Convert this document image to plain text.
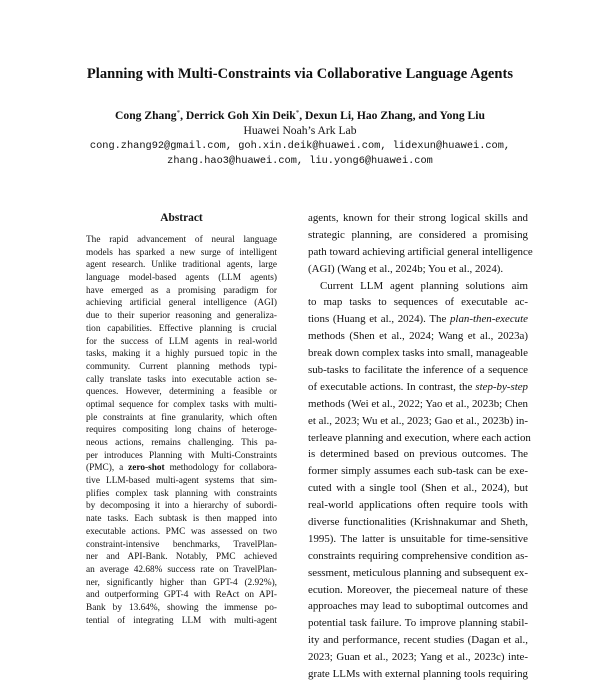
Planning with Multi-Constraints via Collaborative Language Agents
Cong Zhang*, Derrick Goh Xin Deik*, Dexun Li, Hao Zhang, and Yong Liu
Huawei Noah’s Ark Lab
cong.zhang92@gmail.com, goh.xin.deik@huawei.com, lidexun@huawei.com,
zhang.hao3@huawei.com, liu.yong6@huawei.com
Abstract
The rapid advancement of neural language
models has sparked a new surge of intelligent
agent research. Unlike traditional agents, large
language model-based agents (LLM agents)
have emerged as a promising paradigm for
achieving artificial general intelligence (AGI)
due to their superior reasoning and generaliza-
tion capabilities. Effective planning is crucial
for the success of LLM agents in real-world
tasks, making it a highly pursued topic in the
community. Current planning methods typi-
cally translate tasks into executable action se-
quences. However, determining a feasible or
optimal sequence for complex tasks with multi-
ple constraints at fine granularity, which often
requires compositing long chains of heteroge-
neous actions, remains challenging. This pa-
per introduces Planning with Multi-Constraints
(PMC), a zero-shot methodology for collabora-
tive LLM-based multi-agent systems that sim-
plifies complex task planning with constraints
by decomposing it into a hierarchy of subordi-
nate tasks. Each subtask is then mapped into
executable actions. PMC was assessed on two
constraint-intensive benchmarks, TravelPlan-
ner and API-Bank. Notably, PMC achieved
an average 42.68% success rate on TravelPlan-
ner, significantly higher than GPT-4 (2.92%),
and outperforming GPT-4 with ReAct on API-
Bank by 13.64%, showing the immense po-
tential of integrating LLM with multi-agent
agents, known for their strong logical skills and
strategic planning, are considered a promising
path toward achieving artificial general intelligence
(AGI) (Wang et al., 2024b; You et al., 2024).
Current LLM agent planning solutions aim
to map tasks to sequences of executable ac-
tions (Huang et al., 2024). The plan-then-execute
methods (Shen et al., 2024; Wang et al., 2023a)
break down complex tasks into small, manageable
sub-tasks to facilitate the inference of a sequence
of executable actions. In contrast, the step-by-step
methods (Wei et al., 2022; Yao et al., 2023b; Chen
et al., 2023; Wu et al., 2023; Gao et al., 2023b) in-
terleave planning and execution, where each action
is determined based on previous outcomes. The
former simply assumes each sub-task can be exe-
cuted with a single tool (Shen et al., 2024), but
real-world applications often require tools with
diverse functionalities (Krishnakumar and Sheth,
1995). The latter is unsuitable for time-sensitive
constraints requiring comprehensive condition as-
sessment, meticulous planning and subsequent ex-
ecution. Moreover, the piecemeal nature of these
approaches may lead to suboptimal outcomes and
potential task failure. To improve planning stabil-
ity and performance, recent studies (Dagan et al.,
2023; Guan et al., 2023; Yang et al., 2023c) inte-
grate LLMs with external planning tools requiring
